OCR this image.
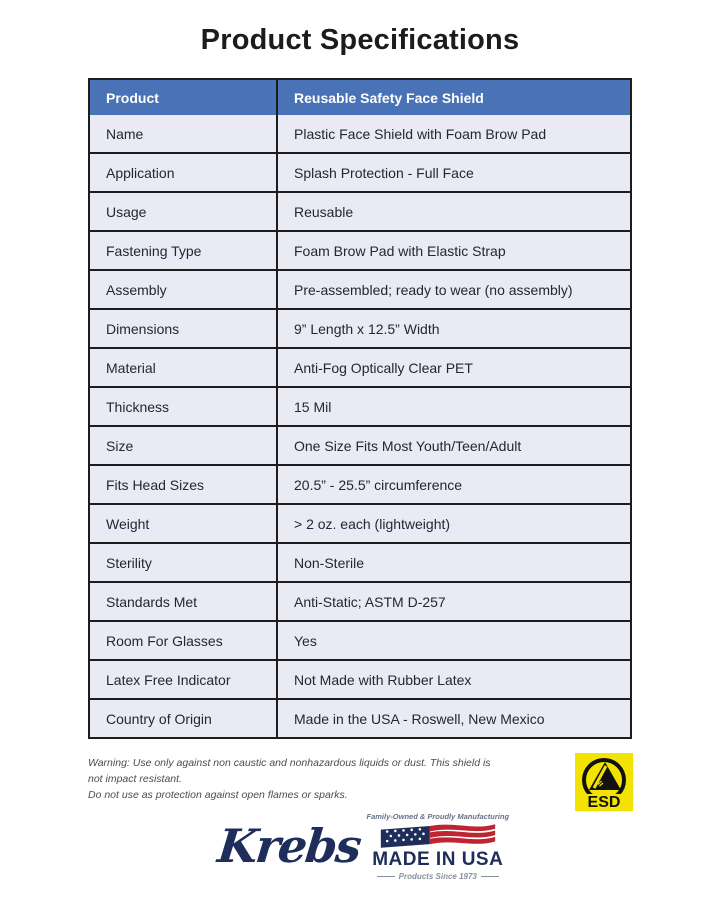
Product Specifications
Product	Reusable Safety Face Shield
Name	Plastic Face Shield with Foam Brow Pad
Application	Splash Protection - Full Face
Usage	Reusable
Fastening Type	Foam Brow Pad with Elastic Strap
Assembly	Pre-assembled; ready to wear (no assembly)
Dimensions	9” Length x 12.5” Width
Material	Anti-Fog Optically Clear PET
Thickness	15 Mil
Size	One Size Fits Most Youth/Teen/Adult
Fits Head Sizes	20.5” - 25.5” circumference
Weight	> 2 oz. each (lightweight)
Sterility	Non-Sterile
Standards Met	Anti-Static; ASTM D-257
Room For Glasses	Yes
Latex Free Indicator	Not Made with Rubber Latex
Country of Origin	Made in the USA - Roswell, New Mexico
Warning: Use only against non caustic and nonhazardous liquids or dust. This shield is not impact resistant.
Do not use as protection against open flames or sparks.	ESD
Krebs
Family-Owned & Proudly Manufacturing
MADE IN USA
Products Since 1973
